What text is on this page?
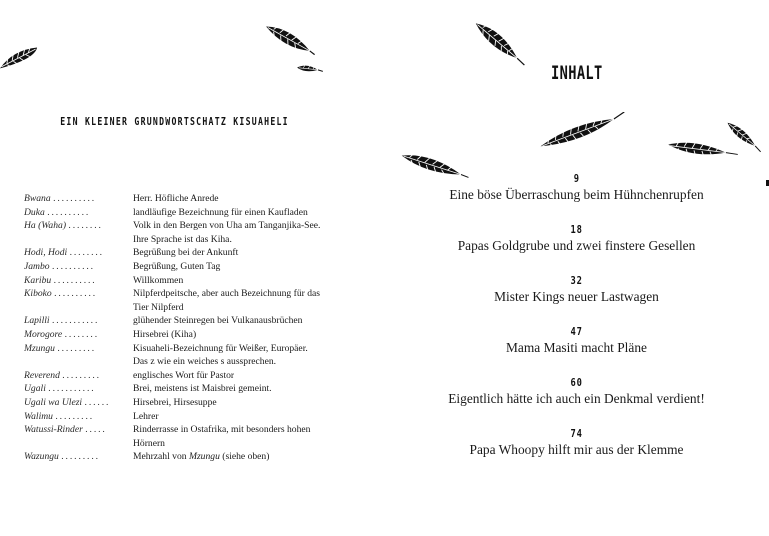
EIN KLEINER GRUNDWORTSCHATZ KISUAHELI
Bwana ..........	Herr. Höfliche Anrede
Duka ..........	landläufige Bezeichnung für einen Kaufladen
Ha (Waha) ........	Volk in den Bergen von Uha am Tanganjika-See.
Ihre Sprache ist das Kiha.
Hodi, Hodi ........	Begrüßung bei der Ankunft
Jambo ..........	Begrüßung, Guten Tag
Karibu ..........	Willkommen
Kiboko ..........	Nilpferdpeitsche, aber auch Bezeichnung für das
Tier Nilpferd
Lapilli ...........	glühender Steinregen bei Vulkanausbrüchen
Morogore ........	Hirsebrei (Kiha)
Mzungu .........	Kisuaheli-Bezeichnung für Weißer, Europäer.
Das z wie ein weiches s aussprechen.
Reverend .........	englisches Wort für Pastor
Ugali ...........	Brei, meistens ist Maisbrei gemeint.
Ugali wa Ulezi ......	Hirsebrei, Hirsesuppe
Walimu .........	Lehrer
Watussi-Rinder .....	Rinderrasse in Ostafrika, mit besonders hohen
Hörnern
Wazungu .........	Mehrzahl von Mzungu (siehe oben)
INHALT
9
Eine böse Überraschung beim Hühnchenrupfen
18
Papas Goldgrube und zwei finstere Gesellen
32
Mister Kings neuer Lastwagen
47
Mama Masiti macht Pläne
60
Eigentlich hätte ich auch ein Denkmal verdient!
74
Papa Whoopy hilft mir aus der Klemme
